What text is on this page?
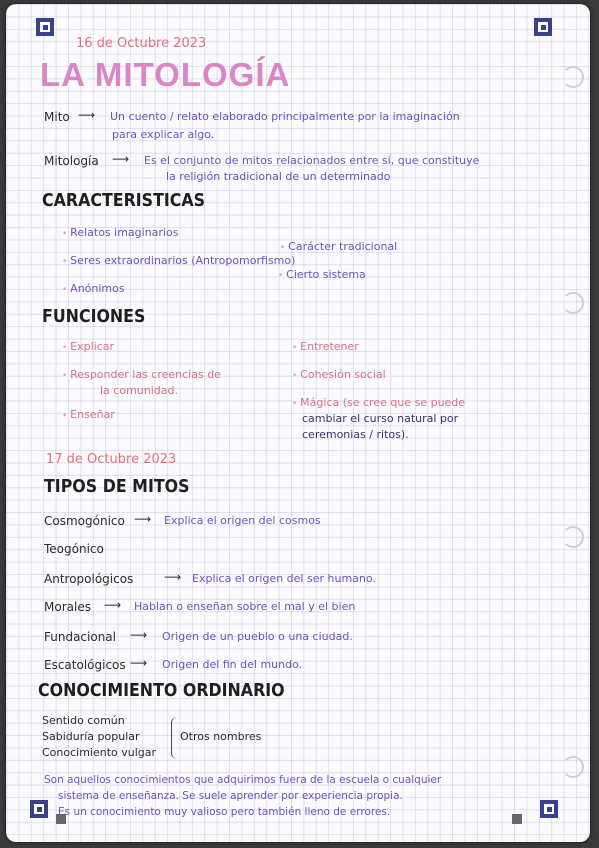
16 de Octubre 2023
LA MITOLOGÍA
Mito ⟶ Un cuento / relato elaborado principalmente por la imaginación
para explicar algo.
Mitología ⟶ Es el conjunto de mitos relacionados entre sí, que constituye
la religión tradicional de un determinado
CARACTERISTICAS
• Relatos imaginarios
• Seres extraordinarios (Antropomorfismo)
• Anónimos
• Carácter tradicional
• Cierto sistema
FUNCIONES
• Explicar
• Responder las creencias de
la comunidad.
• Enseñar
• Entretener
• Cohesión social
• Mágica (se cree que se puede
cambiar el curso natural por
ceremonias / ritos).
17 de Octubre 2023
TIPOS DE MITOS
Cosmogónico ⟶ Explica el origen del cosmos
Teogónico
Antropológicos	⟶ Explica el origen del ser humano.
Morales ⟶ Hablan o enseñan sobre el mal y el bien
Fundacional ⟶ Origen de un pueblo o una ciudad.
Escatológicos ⟶ Origen del fin del mundo.
CONOCIMIENTO ORDINARIO
Sentido común
Sabiduría popular
Conocimiento vulgar
Otros nombres
Son aquellos conocimientos que adquirimos fuera de la escuela o cualquier
sistema de enseñanza. Se suele aprender por experiencia propia.
Es un conocimiento muy valioso pero también lleno de errores.
